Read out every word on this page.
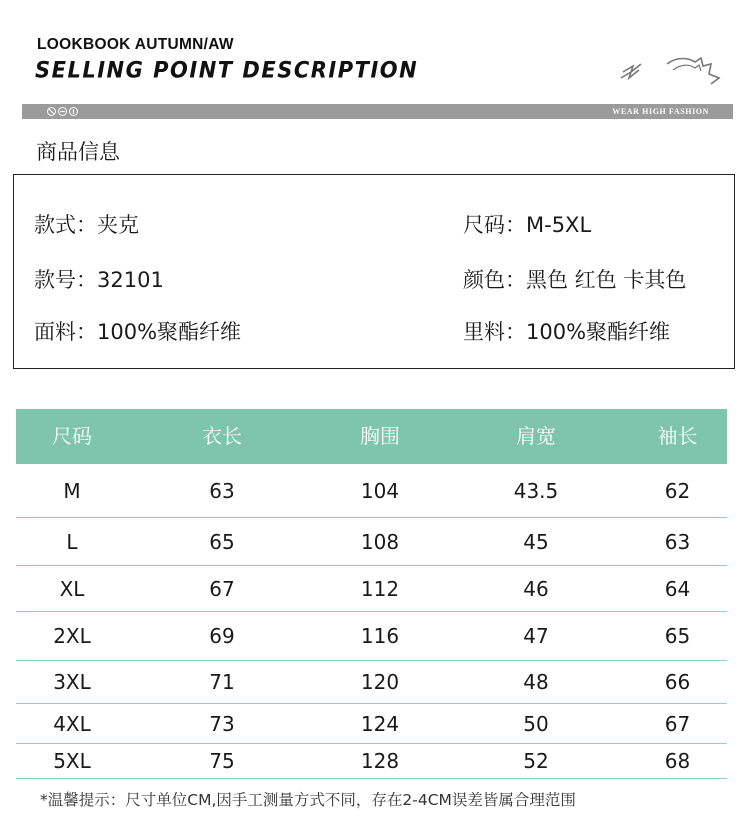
LOOKBOOK AUTUMN/AW
SELLING POINT DESCRIPTION
WEAR HIGH FASHION
商品信息
款式：夹克	尺码：M-5XL
款号：32101	颜色：黑色 红色 卡其色
面料：100%聚酯纤维	里料：100%聚酯纤维
尺码	衣长	胸围	肩宽	袖长
M	63	104	43.5	62
L	65	108	45	63
XL	67	112	46	64
2XL	69	116	47	65
3XL	71	120	48	66
4XL	73	124	50	67
5XL	75	128	52	68
*温馨提示：尺寸单位CM,因手工测量方式不同，存在2-4CM误差皆属合理范围
